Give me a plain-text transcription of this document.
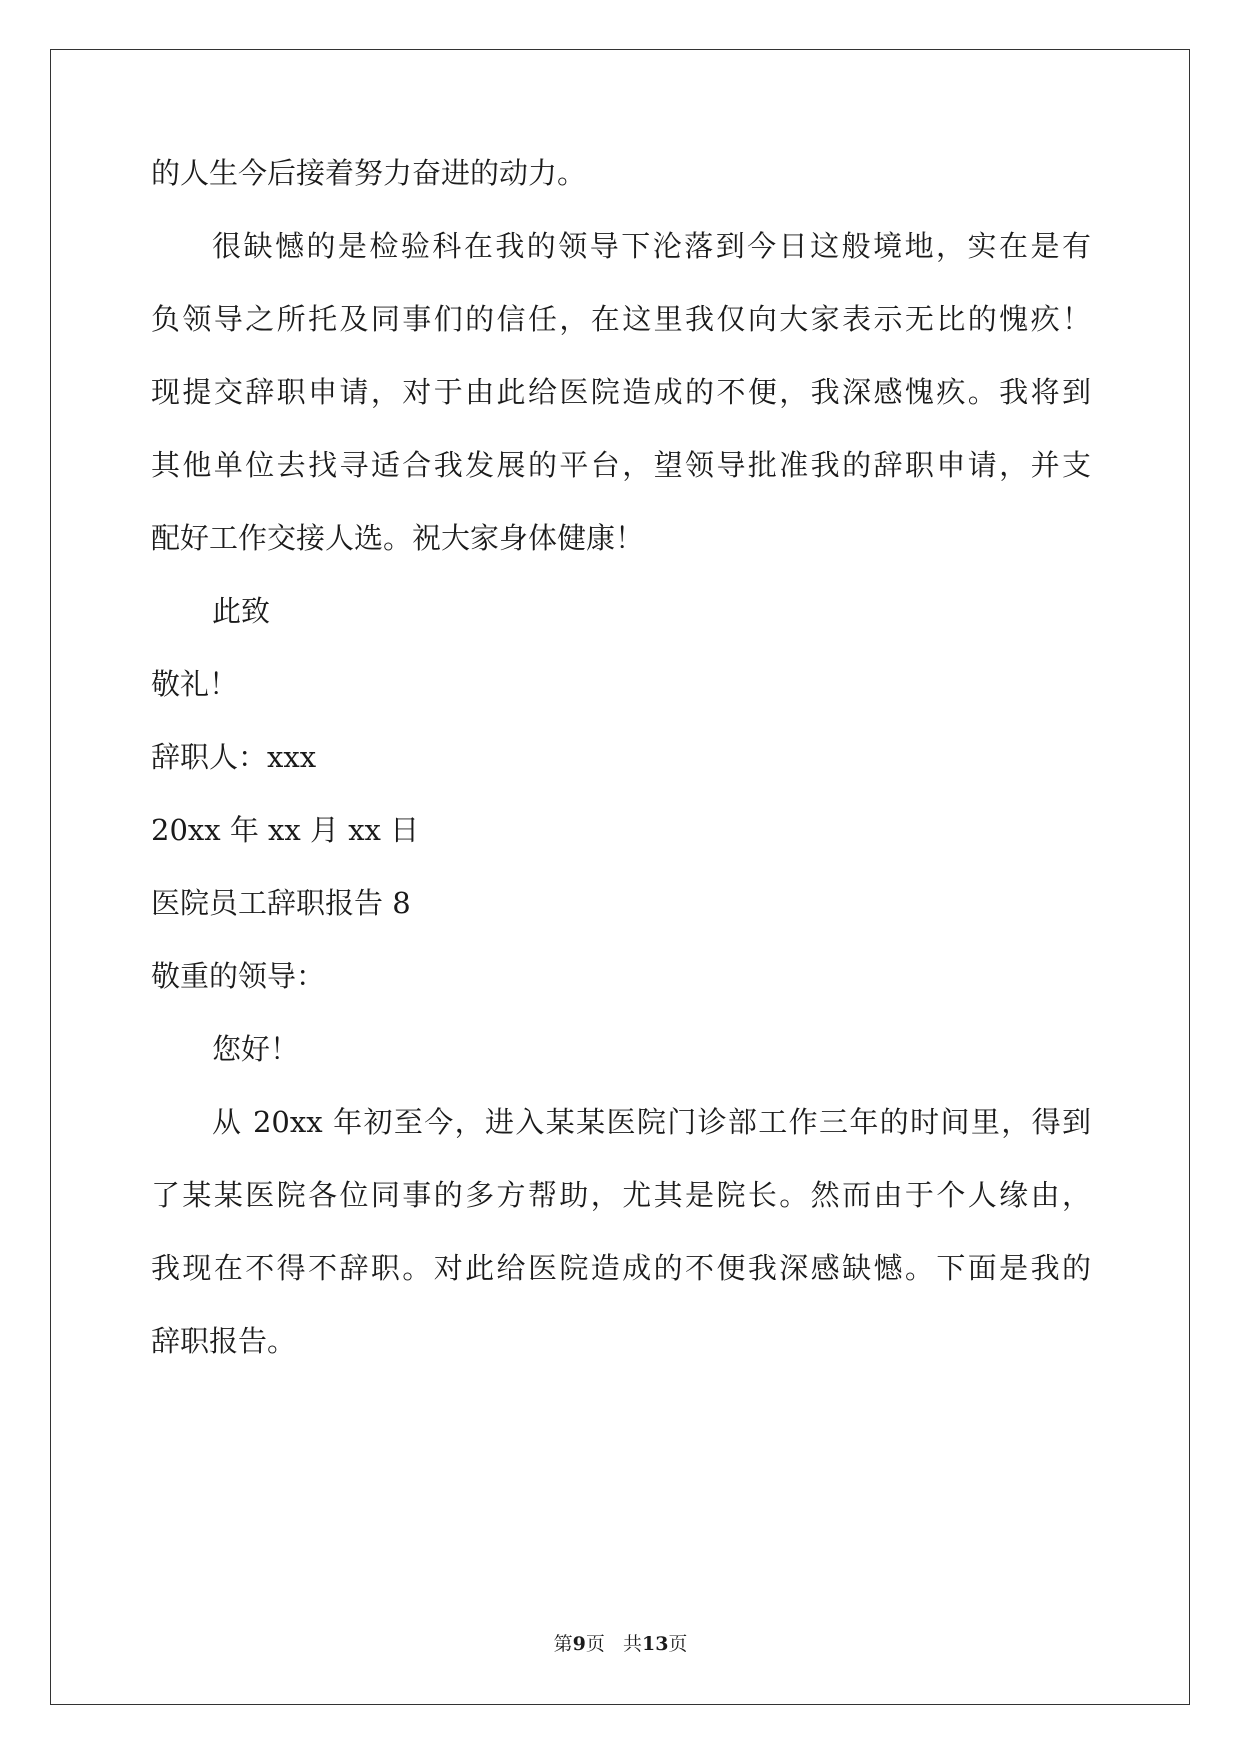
的人生今后接着努力奋进的动力。
很缺憾的是检验科在我的领导下沦落到今日这般境地，实在是有
负领导之所托及同事们的信任，在这里我仅向大家表示无比的愧疚！
现提交辞职申请，对于由此给医院造成的不便，我深感愧疚。我将到
其他单位去找寻适合我发展的平台，望领导批准我的辞职申请，并支
配好工作交接人选。祝大家身体健康！
此致
敬礼！
辞职人：xxx
20xx 年 xx 月 xx 日
医院员工辞职报告 8
敬重的领导：
您好！
从 20xx 年初至今，进入某某医院门诊部工作三年的时间里，得到
了某某医院各位同事的多方帮助，尤其是院长。然而由于个人缘由，
我现在不得不辞职。对此给医院造成的不便我深感缺憾。下面是我的
辞职报告。
第9页 共13页
